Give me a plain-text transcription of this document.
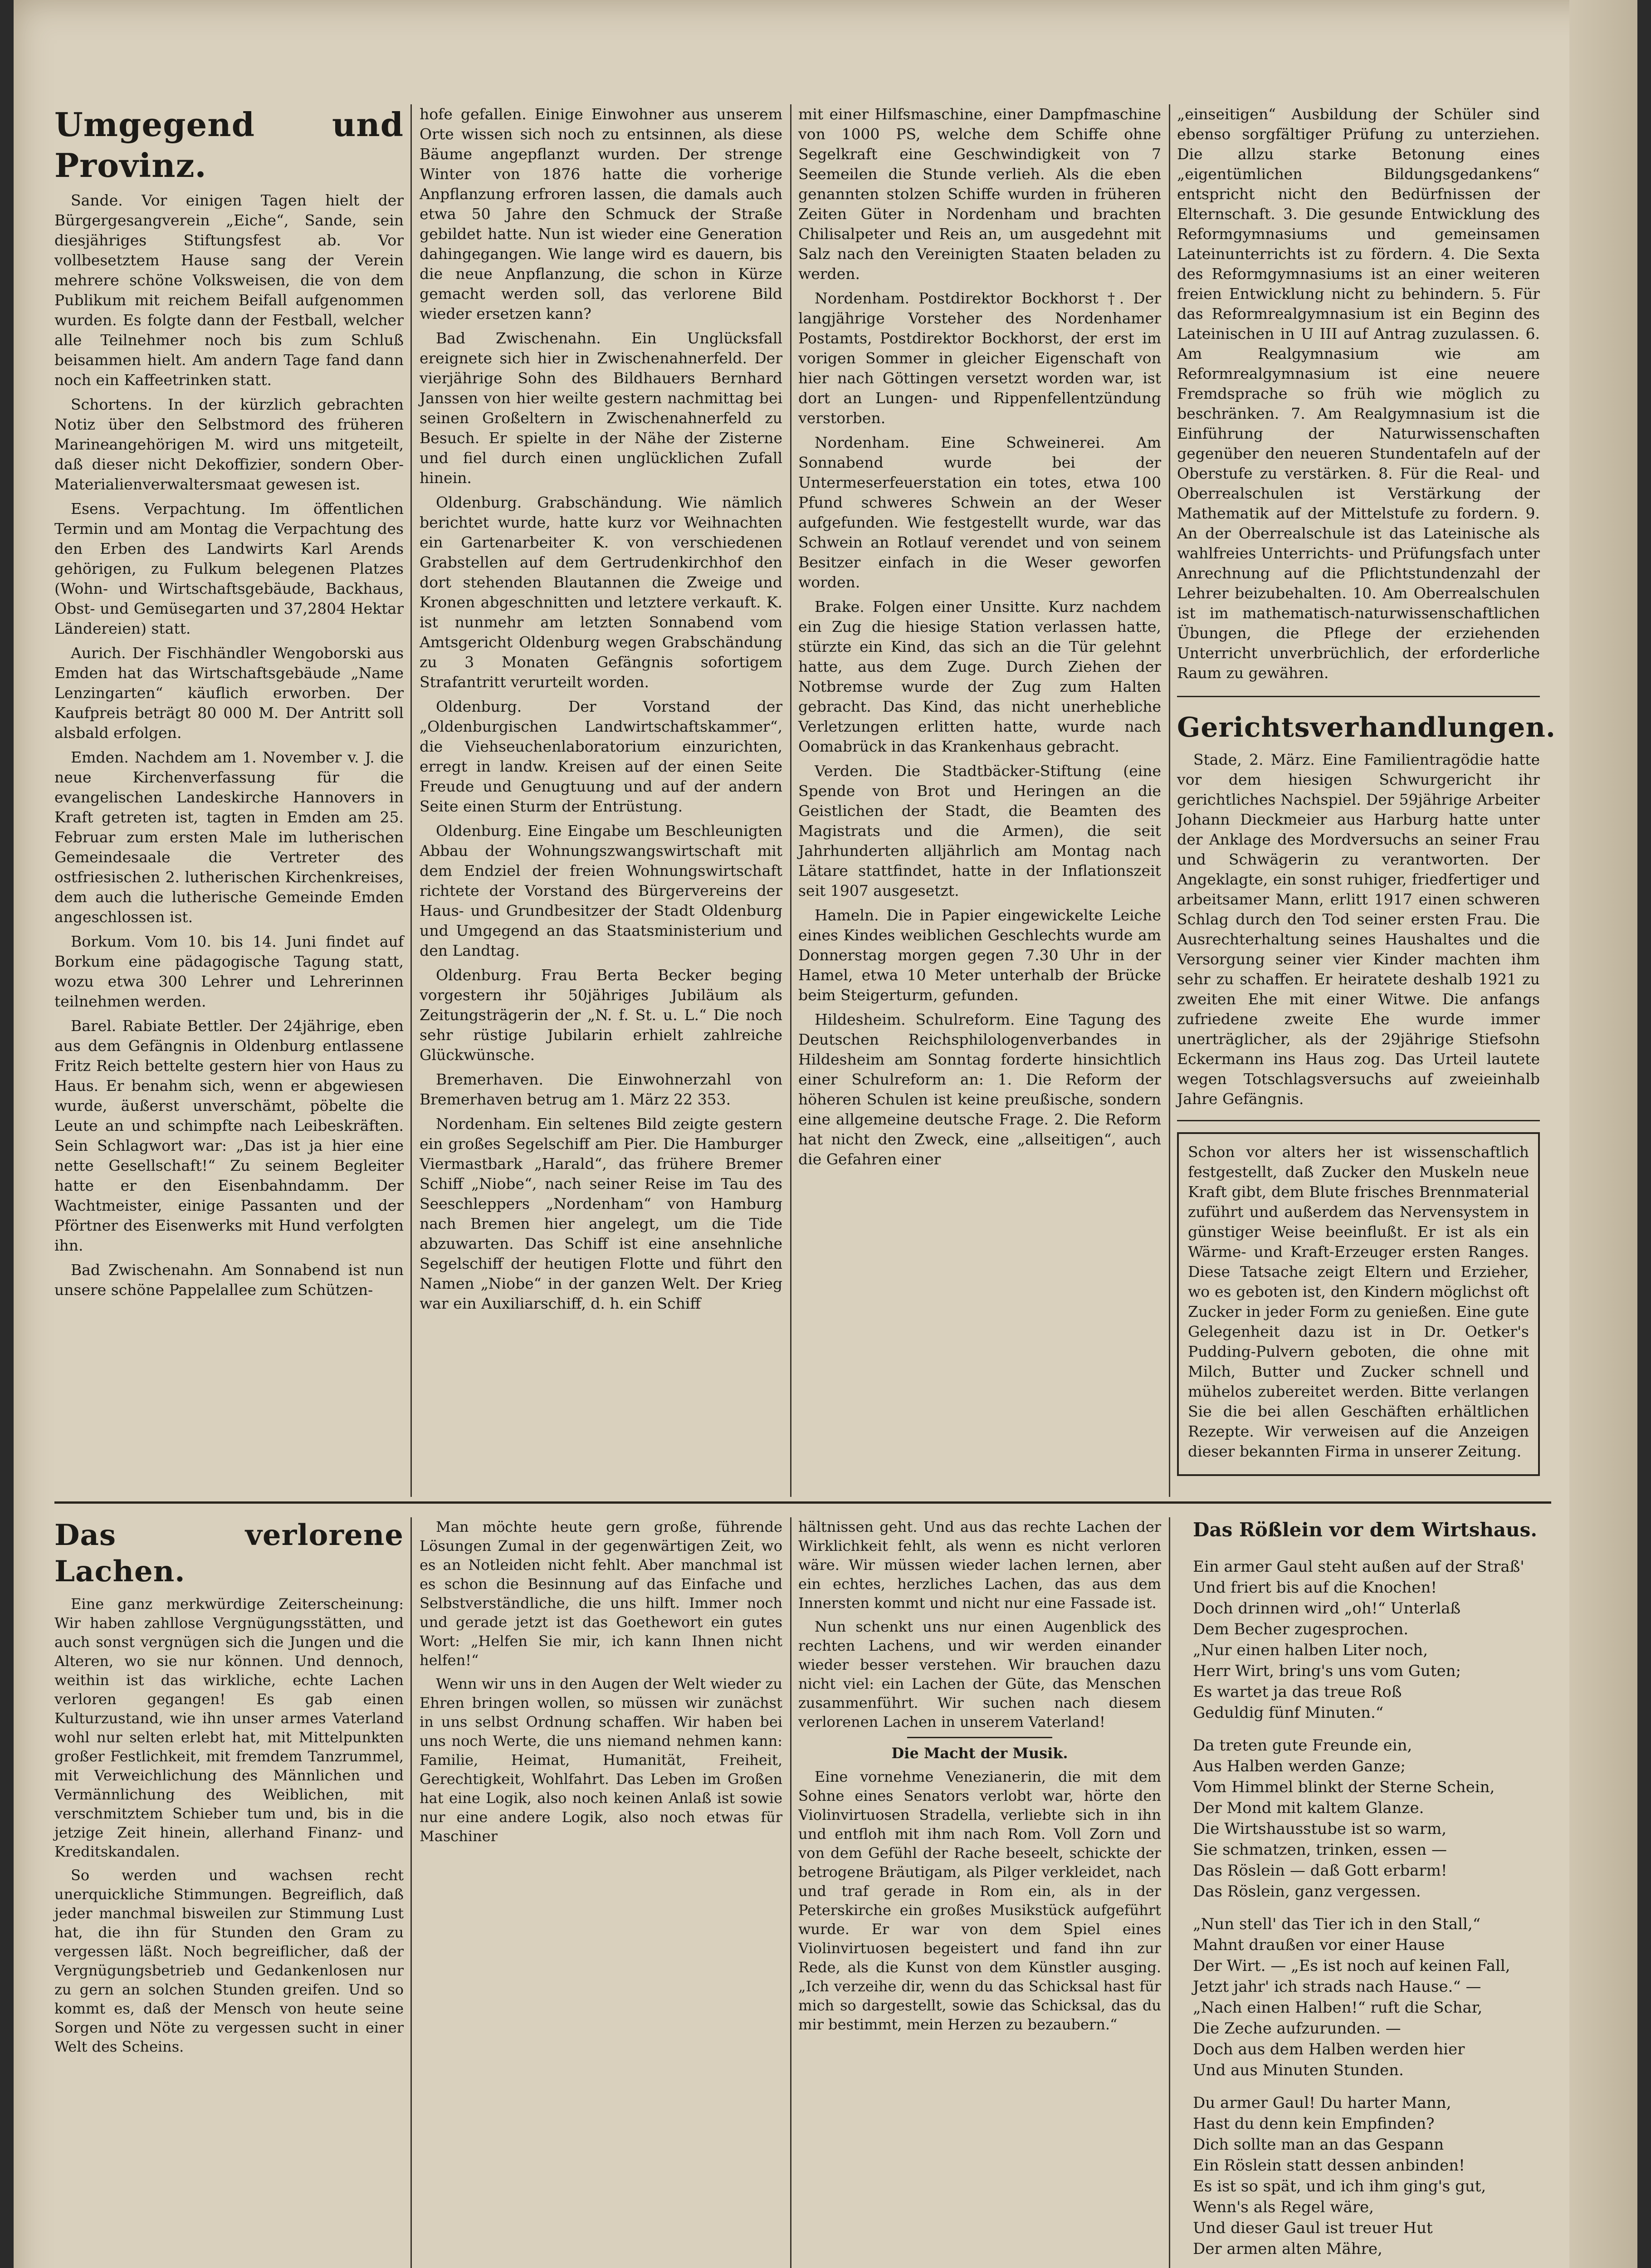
Umgegend und Provinz.

Sande. Vor einigen Tagen hielt der Bürgergesangverein „Eiche“, Sande, sein diesjähriges Stiftungsfest ab. Vor vollbesetztem Hause sang der Verein mehrere schöne Volksweisen, die von dem Publikum mit reichem Beifall aufgenommen wurden. Es folgte dann der Festball, welcher alle Teilnehmer noch bis zum Schluß beisammen hielt. Am andern Tage fand dann noch ein Kaffeetrinken statt.

Schortens. In der kürzlich gebrachten Notiz über den Selbstmord des früheren Marineangehörigen M. wird uns mitgeteilt, daß dieser nicht Dekoffizier, sondern Ober-Materialienverwaltersmaat gewesen ist.

Esens. Verpachtung. Im öffentlichen Termin und am Montag die Verpachtung des den Erben des Landwirts Karl Arends gehörigen, zu Fulkum belegenen Platzes (Wohn- und Wirtschaftsgebäude, Backhaus, Obst- und Gemüsegarten und 37,2804 Hektar Ländereien) statt.

Aurich. Der Fischhändler Wengoborski aus Emden hat das Wirtschaftsgebäude „Name Lenzingarten“ käuflich erworben. Der Kaufpreis beträgt 80 000 M. Der Antritt soll alsbald erfolgen.

Emden. Nachdem am 1. November v. J. die neue Kirchenverfassung für die evangelischen Landeskirche Hannovers in Kraft getreten ist, tagten in Emden am 25. Februar zum ersten Male im lutherischen Gemeindesaale die Vertreter des ostfriesischen 2. lutherischen Kirchenkreises, dem auch die lutherische Gemeinde Emden angeschlossen ist.

Borkum. Vom 10. bis 14. Juni findet auf Borkum eine pädagogische Tagung statt, wozu etwa 300 Lehrer und Lehrerinnen teilnehmen werden.

Barel. Rabiate Bettler. Der 24jährige, eben aus dem Gefängnis in Oldenburg entlassene Fritz Reich bettelte gestern hier von Haus zu Haus. Er benahm sich, wenn er abgewiesen wurde, äußerst unverschämt, pöbelte die Leute an und schimpfte nach Leibeskräften. Sein Schlagwort war: „Das ist ja hier eine nette Gesellschaft!“ Zu seinem Begleiter hatte er den Eisenbahndamm. Der Wachtmeister, einige Passanten und der Pförtner des Eisenwerks mit Hund verfolgten ihn.

Bad Zwischenahn. Am Sonnabend ist nun unsere schöne Pappelallee zum Schützen-

hofe gefallen. Einige Einwohner aus unserem Orte wissen sich noch zu entsinnen, als diese Bäume angepflanzt wurden. Der strenge Winter von 1876 hatte die vorherige Anpflanzung erfroren lassen, die damals auch etwa 50 Jahre den Schmuck der Straße gebildet hatte. Nun ist wieder eine Generation dahingegangen. Wie lange wird es dauern, bis die neue Anpflanzung, die schon in Kürze gemacht werden soll, das verlorene Bild wieder ersetzen kann?

Bad Zwischenahn. Ein Unglücksfall ereignete sich hier in Zwischenahnerfeld. Der vierjährige Sohn des Bildhauers Bernhard Janssen von hier weilte gestern nachmittag bei seinen Großeltern in Zwischenahnerfeld zu Besuch. Er spielte in der Nähe der Zisterne und fiel durch einen unglücklichen Zufall hinein.

Oldenburg. Grabschändung. Wie nämlich berichtet wurde, hatte kurz vor Weihnachten ein Gartenarbeiter K. von verschiedenen Grabstellen auf dem Gertrudenkirchhof den dort stehenden Blautannen die Zweige und Kronen abgeschnitten und letztere verkauft. K. ist nunmehr am letzten Sonnabend vom Amtsgericht Oldenburg wegen Grabschändung zu 3 Monaten Gefängnis sofortigem Strafantritt verurteilt worden.

Oldenburg. Der Vorstand der „Oldenburgischen Landwirtschaftskammer“, die Viehseuchenlaboratorium einzurichten, erregt in landw. Kreisen auf der einen Seite Freude und Genugtuung und auf der andern Seite einen Sturm der Entrüstung.

Oldenburg. Eine Eingabe um Beschleunigten Abbau der Wohnungszwangswirtschaft mit dem Endziel der freien Wohnungswirtschaft richtete der Vorstand des Bürgervereins der Haus- und Grundbesitzer der Stadt Oldenburg und Umgegend an das Staatsministerium und den Landtag.

Oldenburg. Frau Berta Becker beging vorgestern ihr 50jähriges Jubiläum als Zeitungsträgerin der „N. f. St. u. L.“ Die noch sehr rüstige Jubilarin erhielt zahlreiche Glückwünsche.

Bremerhaven. Die Einwohnerzahl von Bremerhaven betrug am 1. März 22 353.

Nordenham. Ein seltenes Bild zeigte gestern ein großes Segelschiff am Pier. Die Hamburger Viermastbark „Harald“, das frühere Bremer Schiff „Niobe“, nach seiner Reise im Tau des Seeschleppers „Nordenham“ von Hamburg nach Bremen hier angelegt, um die Tide abzuwarten. Das Schiff ist eine ansehnliche Segelschiff der heutigen Flotte und führt den Namen „Niobe“ in der ganzen Welt. Der Krieg war ein Auxiliarschiff, d. h. ein Schiff

mit einer Hilfsmaschine, einer Dampfmaschine von 1000 PS, welche dem Schiffe ohne Segelkraft eine Geschwindigkeit von 7 Seemeilen die Stunde verlieh. Als die eben genannten stolzen Schiffe wurden in früheren Zeiten Güter in Nordenham und brachten Chilisalpeter und Reis an, um ausgedehnt mit Salz nach den Vereinigten Staaten beladen zu werden.

Nordenham. Postdirektor Bockhorst †. Der langjährige Vorsteher des Nordenhamer Postamts, Postdirektor Bockhorst, der erst im vorigen Sommer in gleicher Eigenschaft von hier nach Göttingen versetzt worden war, ist dort an Lungen- und Rippenfellentzündung verstorben.

Nordenham. Eine Schweinerei. Am Sonnabend wurde bei der Untermeserfeuerstation ein totes, etwa 100 Pfund schweres Schwein an der Weser aufgefunden. Wie festgestellt wurde, war das Schwein an Rotlauf verendet und von seinem Besitzer einfach in die Weser geworfen worden.

Brake. Folgen einer Unsitte. Kurz nachdem ein Zug die hiesige Station verlassen hatte, stürzte ein Kind, das sich an die Tür gelehnt hatte, aus dem Zuge. Durch Ziehen der Notbremse wurde der Zug zum Halten gebracht. Das Kind, das nicht unerhebliche Verletzungen erlitten hatte, wurde nach Oomabrück in das Krankenhaus gebracht.

Verden. Die Stadtbäcker-Stiftung (eine Spende von Brot und Heringen an die Geistlichen der Stadt, die Beamten des Magistrats und die Armen), die seit Jahrhunderten alljährlich am Montag nach Lätare stattfindet, hatte in der Inflationszeit seit 1907 ausgesetzt.

Hameln. Die in Papier eingewickelte Leiche eines Kindes weiblichen Geschlechts wurde am Donnerstag morgen gegen 7.30 Uhr in der Hamel, etwa 10 Meter unterhalb der Brücke beim Steigerturm, gefunden.

Hildesheim. Schulreform. Eine Tagung des Deutschen Reichsphilologenverbandes in Hildesheim am Sonntag forderte hinsichtlich einer Schulreform an: 1. Die Reform der höheren Schulen ist keine preußische, sondern eine allgemeine deutsche Frage. 2. Die Reform hat nicht den Zweck, eine „allseitigen“, auch die Gefahren einer

„einseitigen“ Ausbildung der Schüler sind ebenso sorgfältiger Prüfung zu unterziehen. Die allzu starke Betonung eines „eigentümlichen Bildungsgedankens“ entspricht nicht den Bedürfnissen der Elternschaft. 3. Die gesunde Entwicklung des Reformgymnasiums und gemeinsamen Lateinunterrichts ist zu fördern. 4. Die Sexta des Reformgymnasiums ist an einer weiteren freien Entwicklung nicht zu behindern. 5. Für das Reformrealgymnasium ist ein Beginn des Lateinischen in U III auf Antrag zuzulassen. 6. Am Realgymnasium wie am Reformrealgymnasium ist eine neuere Fremdsprache so früh wie möglich zu beschränken. 7. Am Realgymnasium ist die Einführung der Naturwissenschaften gegenüber den neueren Stundentafeln auf der Oberstufe zu verstärken. 8. Für die Real- und Oberrealschulen ist Verstärkung der Mathematik auf der Mittelstufe zu fordern. 9. An der Oberrealschule ist das Lateinische als wahlfreies Unterrichts- und Prüfungsfach unter Anrechnung auf die Pflichtstundenzahl der Lehrer beizubehalten. 10. Am Oberrealschulen ist im mathematisch-naturwissenschaftlichen Übungen, die Pflege der erziehenden Unterricht unverbrüchlich, der erforderliche Raum zu gewähren.

Gerichtsverhandlungen.

Stade, 2. März. Eine Familientragödie hatte vor dem hiesigen Schwurgericht ihr gerichtliches Nachspiel. Der 59jährige Arbeiter Johann Dieckmeier aus Harburg hatte unter der Anklage des Mordversuchs an seiner Frau und Schwägerin zu verantworten. Der Angeklagte, ein sonst ruhiger, friedfertiger und arbeitsamer Mann, erlitt 1917 einen schweren Schlag durch den Tod seiner ersten Frau. Die Ausrechterhaltung seines Haushaltes und die Versorgung seiner vier Kinder machten ihm sehr zu schaffen. Er heiratete deshalb 1921 zu zweiten Ehe mit einer Witwe. Die anfangs zufriedene zweite Ehe wurde immer unerträglicher, als der 29jährige Stiefsohn Eckermann ins Haus zog. Das Urteil lautete wegen Totschlagsversuchs auf zweieinhalb Jahre Gefängnis.

Schon vor alters her ist wissenschaftlich festgestellt, daß Zucker den Muskeln neue Kraft gibt, dem Blute frisches Brennmaterial zuführt und außerdem das Nervensystem in günstiger Weise beeinflußt. Er ist als ein Wärme- und Kraft-Erzeuger ersten Ranges. Diese Tatsache zeigt Eltern und Erzieher, wo es geboten ist, den Kindern möglichst oft Zucker in jeder Form zu genießen. Eine gute Gelegenheit dazu ist in Dr. Oetker's Pudding-Pulvern geboten, die ohne mit Milch, Butter und Zucker schnell und mühelos zubereitet werden. Bitte verlangen Sie die bei allen Geschäften erhältlichen Rezepte. Wir verweisen auf die Anzeigen dieser bekannten Firma in unserer Zeitung.

Das verlorene Lachen.

Eine ganz merkwürdige Zeiterscheinung: Wir haben zahllose Vergnügungsstätten, und auch sonst vergnügen sich die Jungen und die Alteren, wo sie nur können. Und dennoch, weithin ist das wirkliche, echte Lachen verloren gegangen! Es gab einen Kulturzustand, wie ihn unser armes Vaterland wohl nur selten erlebt hat, mit Mittelpunkten großer Festlichkeit, mit fremdem Tanzrummel, mit Verweichlichung des Männlichen und Vermännlichung des Weiblichen, mit verschmitztem Schieber tum und, bis in die jetzige Zeit hinein, allerhand Finanz- und Kreditskandalen.

So werden und wachsen recht unerquickliche Stimmungen. Begreiflich, daß jeder manchmal bisweilen zur Stimmung Lust hat, die ihn für Stunden den Gram zu vergessen läßt. Noch begreiflicher, daß der Vergnügungsbetrieb und Gedankenlosen nur zu gern an solchen Stunden greifen. Und so kommt es, daß der Mensch von heute seine Sorgen und Nöte zu vergessen sucht in einer Welt des Scheins.

Man möchte heute gern große, führende Lösungen Zumal in der gegenwärtigen Zeit, wo es an Notleiden nicht fehlt. Aber manchmal ist es schon die Besinnung auf das Einfache und Selbstverständliche, die uns hilft. Immer noch und gerade jetzt ist das Goethewort ein gutes Wort: „Helfen Sie mir, ich kann Ihnen nicht helfen!“

Wenn wir uns in den Augen der Welt wieder zu Ehren bringen wollen, so müssen wir zunächst in uns selbst Ordnung schaffen. Wir haben bei uns noch Werte, die uns niemand nehmen kann: Familie, Heimat, Humanität, Freiheit, Gerechtigkeit, Wohlfahrt. Das Leben im Großen hat eine Logik, also noch keinen Anlaß ist sowie nur eine andere Logik, also noch etwas für Maschiner

hältnissen geht. Und aus das rechte Lachen der Wirklichkeit fehlt, als wenn es nicht verloren wäre. Wir müssen wieder lachen lernen, aber ein echtes, herzliches Lachen, das aus dem Innersten kommt und nicht nur eine Fassade ist.

Nun schenkt uns nur einen Augenblick des rechten Lachens, und wir werden einander wieder besser verstehen. Wir brauchen dazu nicht viel: ein Lachen der Güte, das Menschen zusammenführt. Wir suchen nach diesem verlorenen Lachen in unserem Vaterland!

Die Macht der Musik.

Eine vornehme Venezianerin, die mit dem Sohne eines Senators verlobt war, hörte den Violinvirtuosen Stradella, verliebte sich in ihn und entfloh mit ihm nach Rom. Voll Zorn und von dem Gefühl der Rache beseelt, schickte der betrogene Bräutigam, als Pilger verkleidet, nach und traf gerade in Rom ein, als in der Peterskirche ein großes Musikstück aufgeführt wurde. Er war von dem Spiel eines Violinvirtuosen begeistert und fand ihn zur Rede, als die Kunst von dem Künstler ausging. „Ich verzeihe dir, wenn du das Schicksal hast für mich so dargestellt, sowie das Schicksal, das du mir bestimmt, mein Herzen zu bezaubern.“

Das Rößlein vor dem Wirtshaus.

Ein armer Gaul steht außen auf der Straß'
Und friert bis auf die Knochen!
Doch drinnen wird „oh!“ Unterlaß
Dem Becher zugesprochen.
„Nur einen halben Liter noch,
Herr Wirt, bring's uns vom Guten;
Es wartet ja das treue Roß
Geduldig fünf Minuten.“
Da treten gute Freunde ein,
Aus Halben werden Ganze;
Vom Himmel blinkt der Sterne Schein,
Der Mond mit kaltem Glanze.
Die Wirtshausstube ist so warm,
Sie schmatzen, trinken, essen —
Das Röslein — daß Gott erbarm!
Das Röslein, ganz vergessen.
„Nun stell' das Tier ich in den Stall,“
Mahnt draußen vor einer Hause
Der Wirt. — „Es ist noch auf keinen Fall,
Jetzt jahr' ich strads nach Hause.“ —
„Nach einen Halben!“ ruft die Schar,
Die Zeche aufzurunden. —
Doch aus dem Halben werden hier
Und aus Minuten Stunden.
Du armer Gaul! Du harter Mann,
Hast du denn kein Empfinden?
Dich sollte man an das Gespann
Ein Röslein statt dessen anbinden!
Es ist so spät, und ich ihm ging's gut,
Wenn's als Regel wäre,
Und dieser Gaul ist treuer Hut
Der armen alten Mähre,
